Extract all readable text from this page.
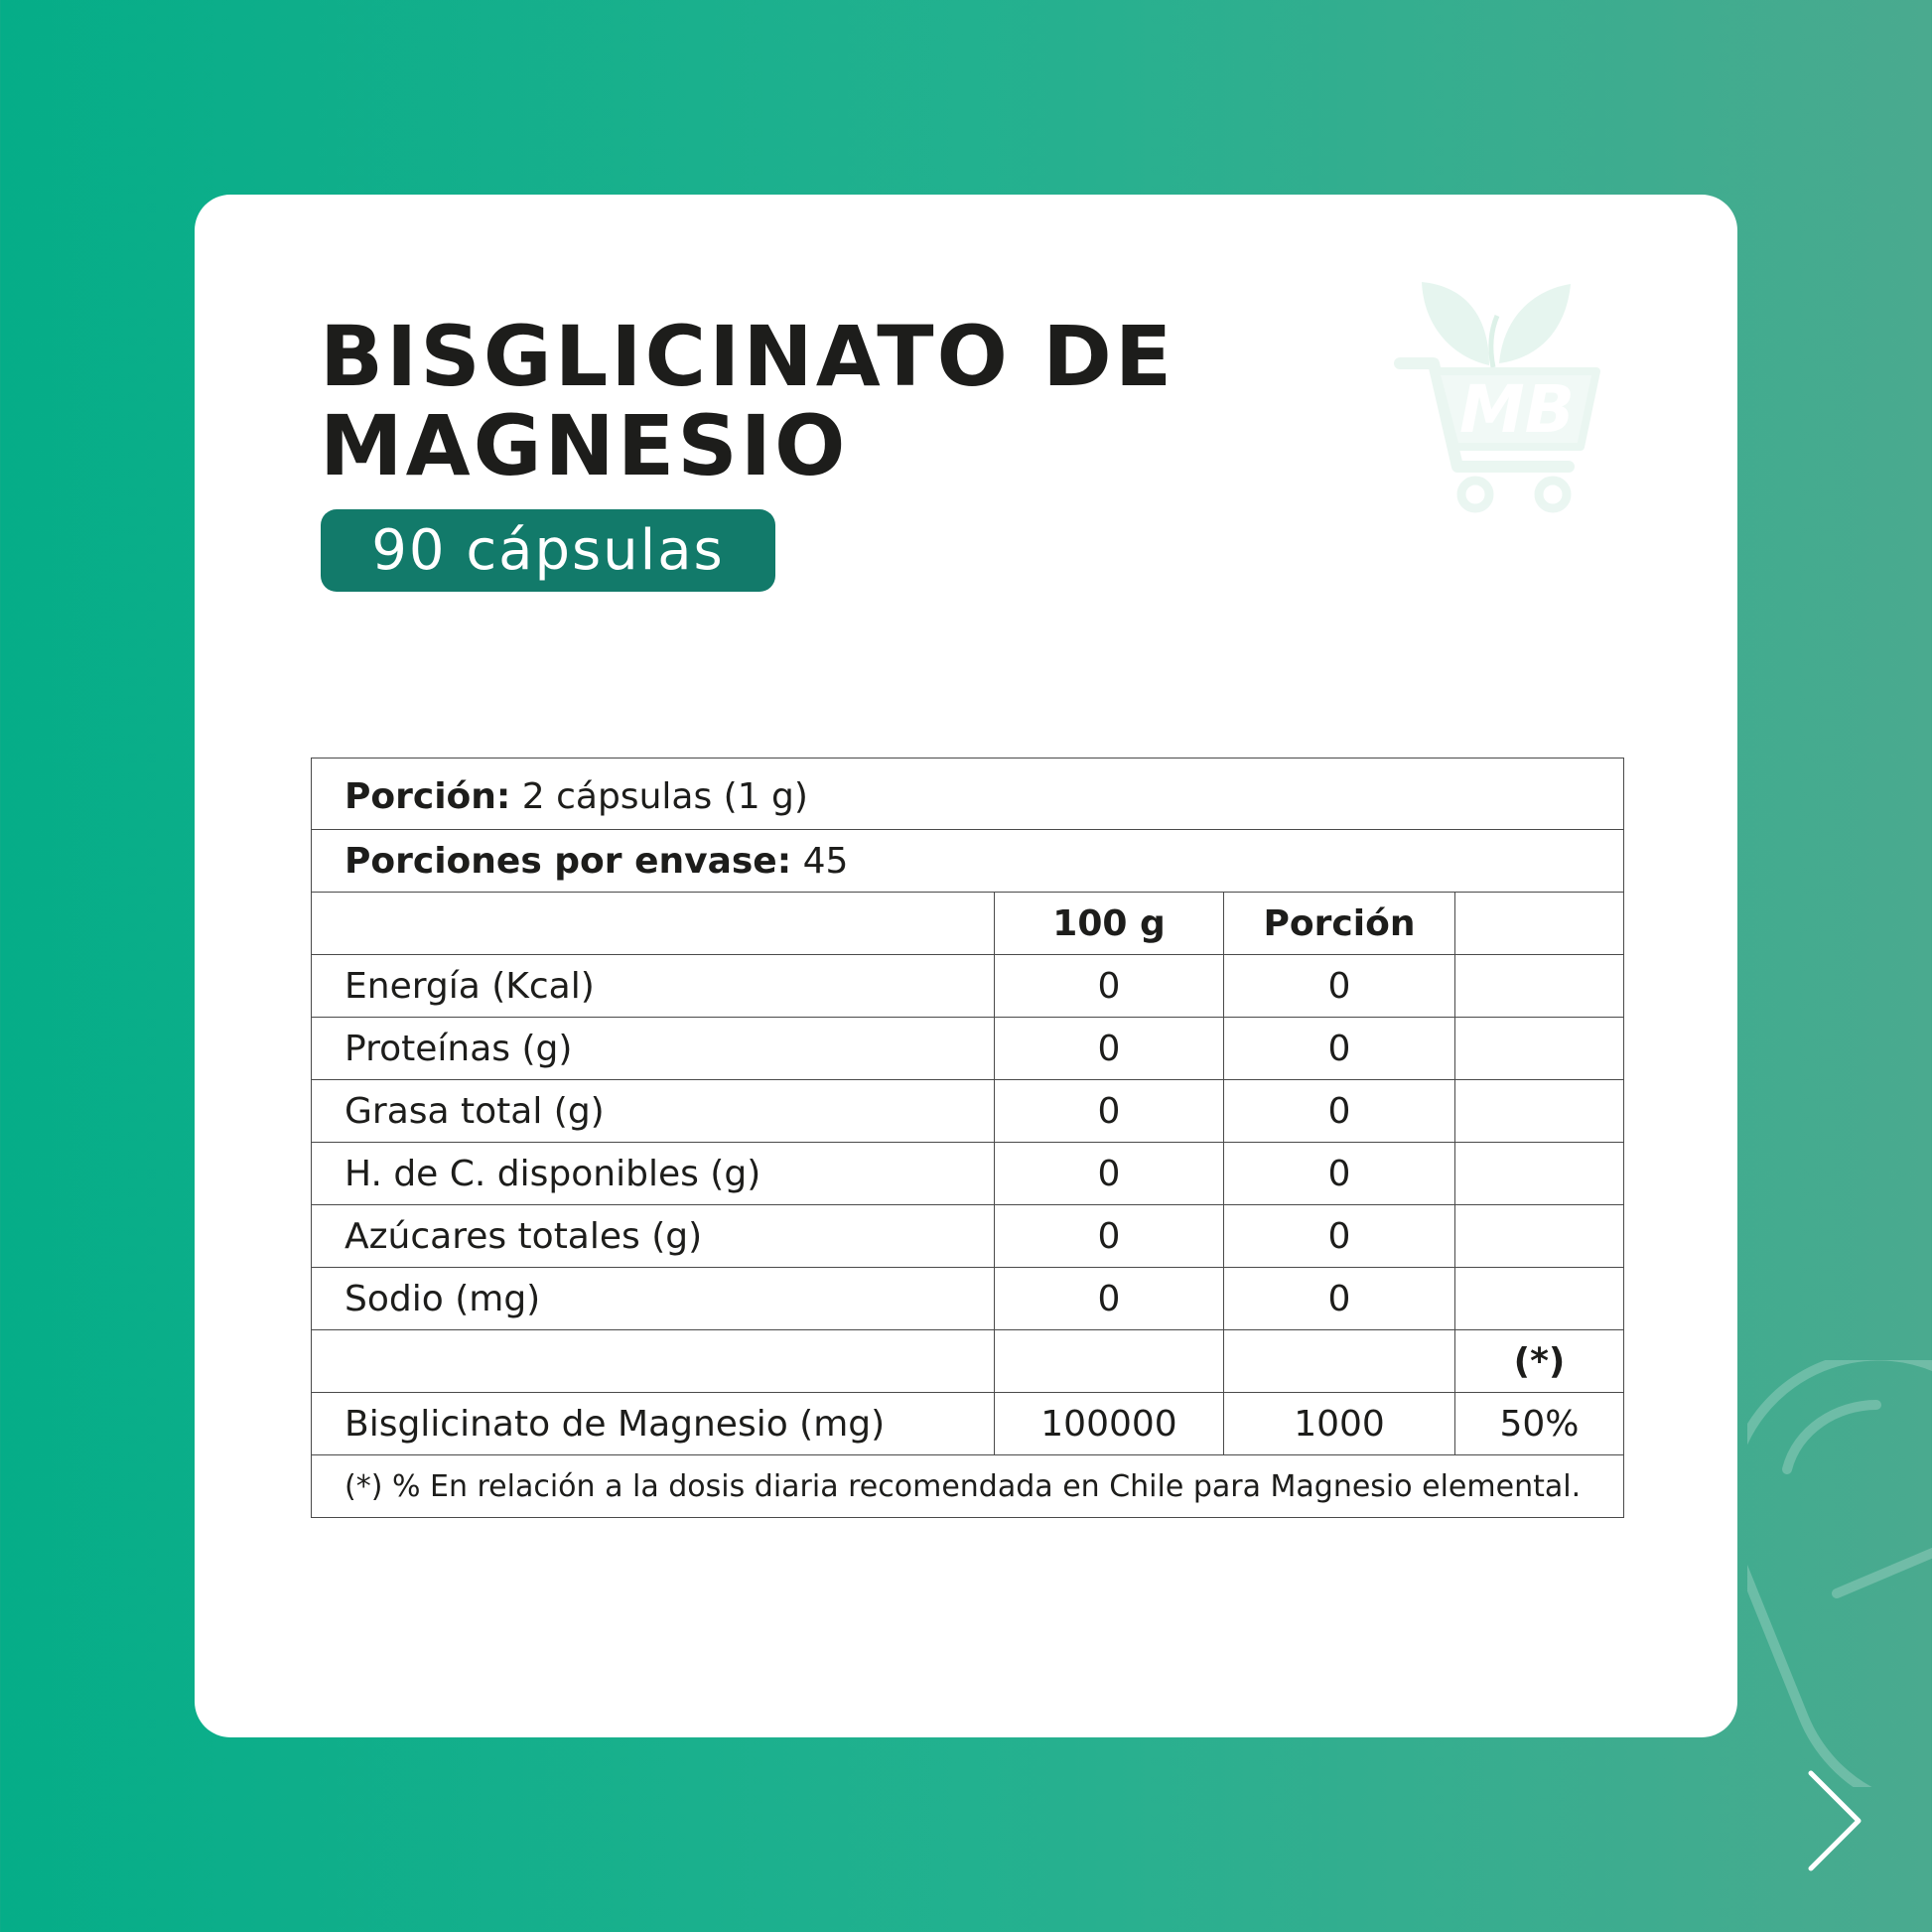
BISGLICINATO DE
MAGNESIO
90 cápsulas
MB
Porción: 2 cápsulas (1 g)			
Porciones por envase: 45			
	100 g	Porción	
Energía (Kcal)	0	0	
Proteínas (g)	0	0	
Grasa total (g)	0	0	
H. de C. disponibles (g)	0	0	
Azúcares totales (g)	0	0	
Sodio (mg)	0	0	
			(*)
Bisglicinato de Magnesio (mg)	100000	1000	50%
(*) % En relación a la dosis diaria recomendada en Chile para Magnesio elemental.			
